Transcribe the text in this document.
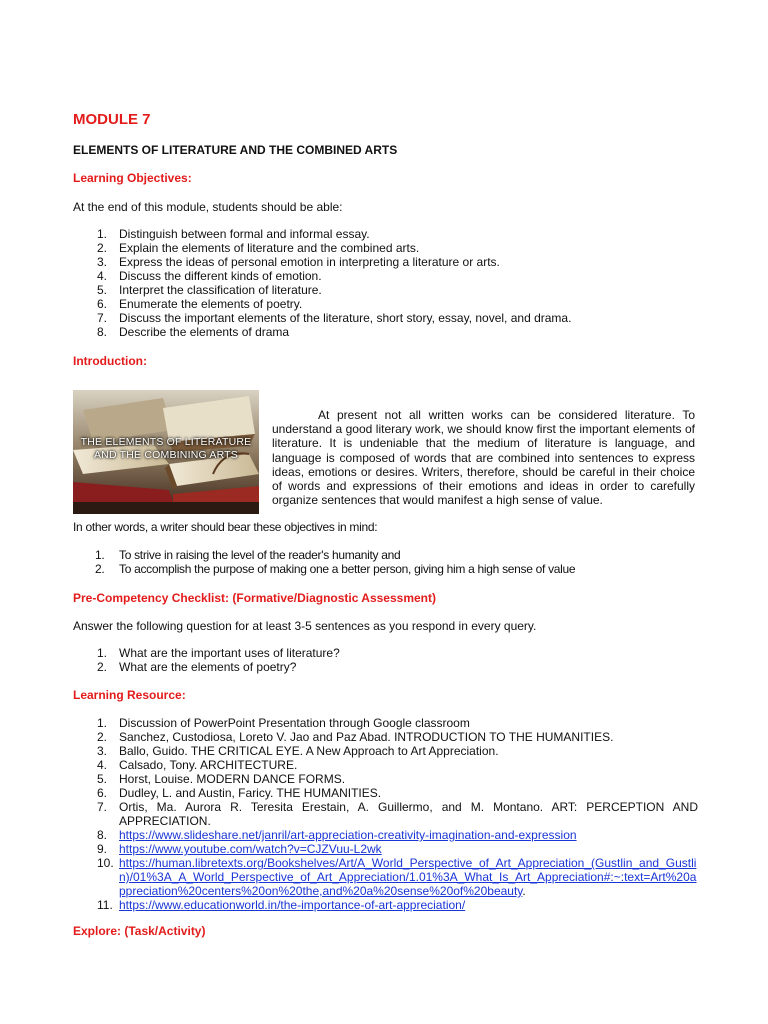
MODULE 7
ELEMENTS OF LITERATURE AND THE COMBINED ARTS
Learning Objectives:

At the end of this module, students should be able:

1. Distinguish between formal and informal essay.
2. Explain the elements of literature and the combined arts.
3. Express the ideas of personal emotion in interpreting a literature or arts.
4. Discuss the different kinds of emotion.
5. Interpret the classification of literature.
6. Enumerate the elements of poetry.
7. Discuss the important elements of the literature, short story, essay, novel, and drama.
8. Describe the elements of drama
Introduction:
THE ELEMENTS OF LITERATURE
AND THE COMBINING ARTS

At present not all written works can be considered literature. To understand a good literary work, we should know first the important elements of literature. It is undeniable that the medium of literature is language, and language is composed of words that are combined into sentences to express ideas, emotions or desires. Writers, therefore, should be careful in their choice of words and expressions of their emotions and ideas in order to carefully organize sentences that would manifest a high sense of value.

In other words, a writer should bear these objectives in mind:

1.	To strive in raising the level of the reader's humanity and
2.	To accomplish the purpose of making one a better person, giving him a high sense of value
Pre-Competency Checklist: (Formative/Diagnostic Assessment)

Answer the following question for at least 3-5 sentences as you respond in every query.

1. What are the important uses of literature?
2. What are the elements of poetry?
Learning Resource:
1. Discussion of PowerPoint Presentation through Google classroom
2. Sanchez, Custodiosa, Loreto V. Jao and Paz Abad. INTRODUCTION TO THE HUMANITIES.
3. Ballo, Guido. THE CRITICAL EYE. A New Approach to Art Appreciation.
4. Calsado, Tony. ARCHITECTURE.
5. Horst, Louise. MODERN DANCE FORMS.
6. Dudley, L. and Austin, Faricy. THE HUMANITIES.
7. Ortis, Ma. Aurora R. Teresita Erestain, A. Guillermo, and M. Montano. ART: PERCEPTION AND APPRECIATION.
8. https://www.slideshare.net/janril/art-appreciation-creativity-imagination-and-expression
9. https://www.youtube.com/watch?v=CJZVuu-L2wk
10. https://human.libretexts.org/Bookshelves/Art/A_World_Perspective_of_Art_Appreciation_(Gustlin_and_Gustlin)/01%3A_A_World_Perspective_of_Art_Appreciation/1.01%3A_What_Is_Art_Appreciation#:~:text=Art%20appreciation%20centers%20on%20the,and%20a%20sense%20of%20beauty.
11. https://www.educationworld.in/the-importance-of-art-appreciation/
Explore: (Task/Activity)
